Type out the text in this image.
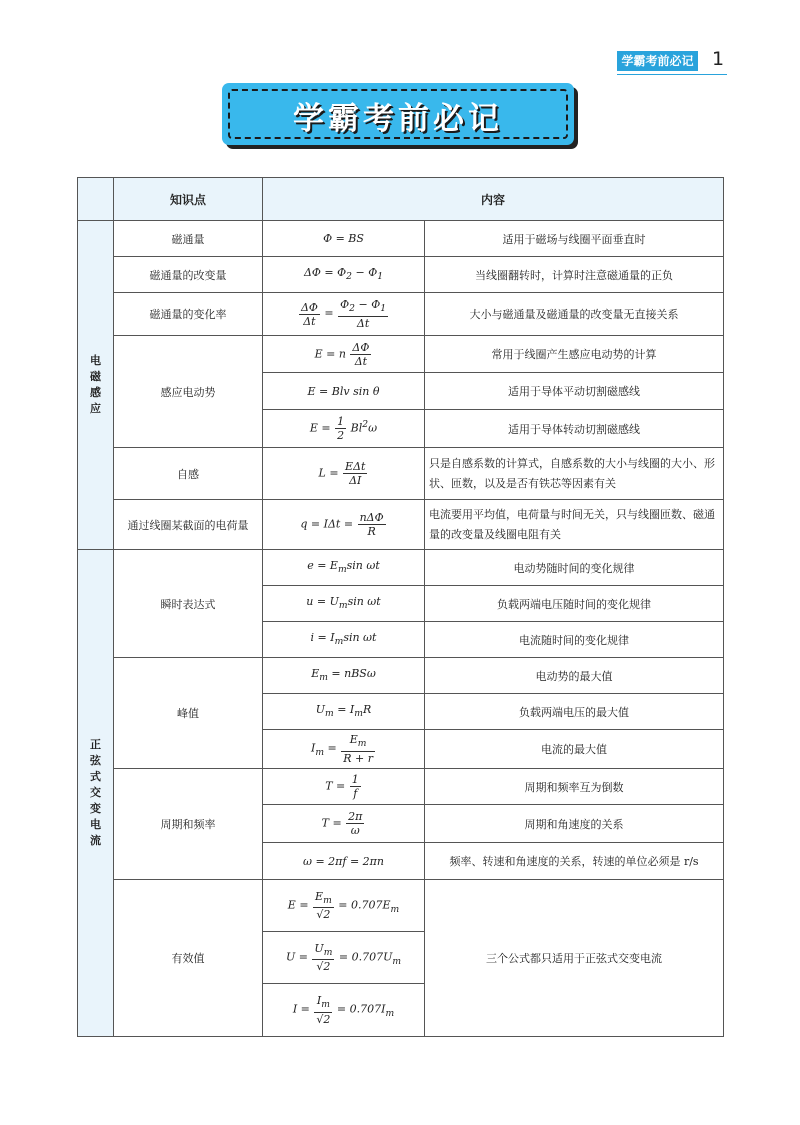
学霸考前必记 1
学霸考前必记
	知识点	内容	
电磁感应	磁通量	Φ = BS	适用于磁场与线圈平面垂直时
	磁通量的改变量	$\Delta\Phi = \Phi_2 - \Phi_1$	当线圈翻转时，计算时注意磁通量的正负
	磁通量的变化率	$\frac{\Delta\Phi}{\Delta t} = \frac{\Phi_2 - \Phi_1}{\Delta t}$	大小与磁通量及磁通量的改变量无直接关系
	感应电动势	E = n $\frac{\Delta\Phi}{\Delta t}$	常用于线圈产生感应电动势的计算
		E = Blv sin θ	适用于导体平动切割磁感线
		$E = \frac{1}{2} Bl^2\omega$	适用于导体转动切割磁感线
	自感	$L = \frac{\text{EΔt}}{\Delta I}$	只是自感系数的计算式，自感系数的大小与线圈的大小、形状、匝数，以及是否有铁芯等因素有关
	通过线圈某截面的电荷量	$q = I\Delta t = \frac{\text{nΔΦ}}{R}$	电流要用平均值，电荷量与时间无关，只与线圈匝数、磁通量的改变量及线圈电阻有关
正弦式交变电流	瞬时表达式	$e = E_m\sin$ ωt	电动势随时间的变化规律
		$u = U_m\sin$ ωt	负载两端电压随时间的变化规律
		$i = I_m\sin$ ωt	电流随时间的变化规律
	峰值	$E_m = nBS\omega$	电动势的最大值
		$U_m = I_mR$	负载两端电压的最大值
		$I_m = \frac{E_m}{R + r}$	电流的最大值
	周期和频率	$T = \frac{1}{f}$	周期和频率互为倒数
		$T = \frac{2\pi}{\omega}$	周期和角速度的关系
		ω = 2πf = 2πn	频率、转速和角速度的关系，转速的单位必须是 r/s
	有效值	$E = \frac{E_m}{√2} = 0.707E_m$	三个公式都只适用于正弦式交变电流
		$U = \frac{U_m}{√2} = 0.707U_m$
		$I = \frac{I_m}{√2} = 0.707I_m$
